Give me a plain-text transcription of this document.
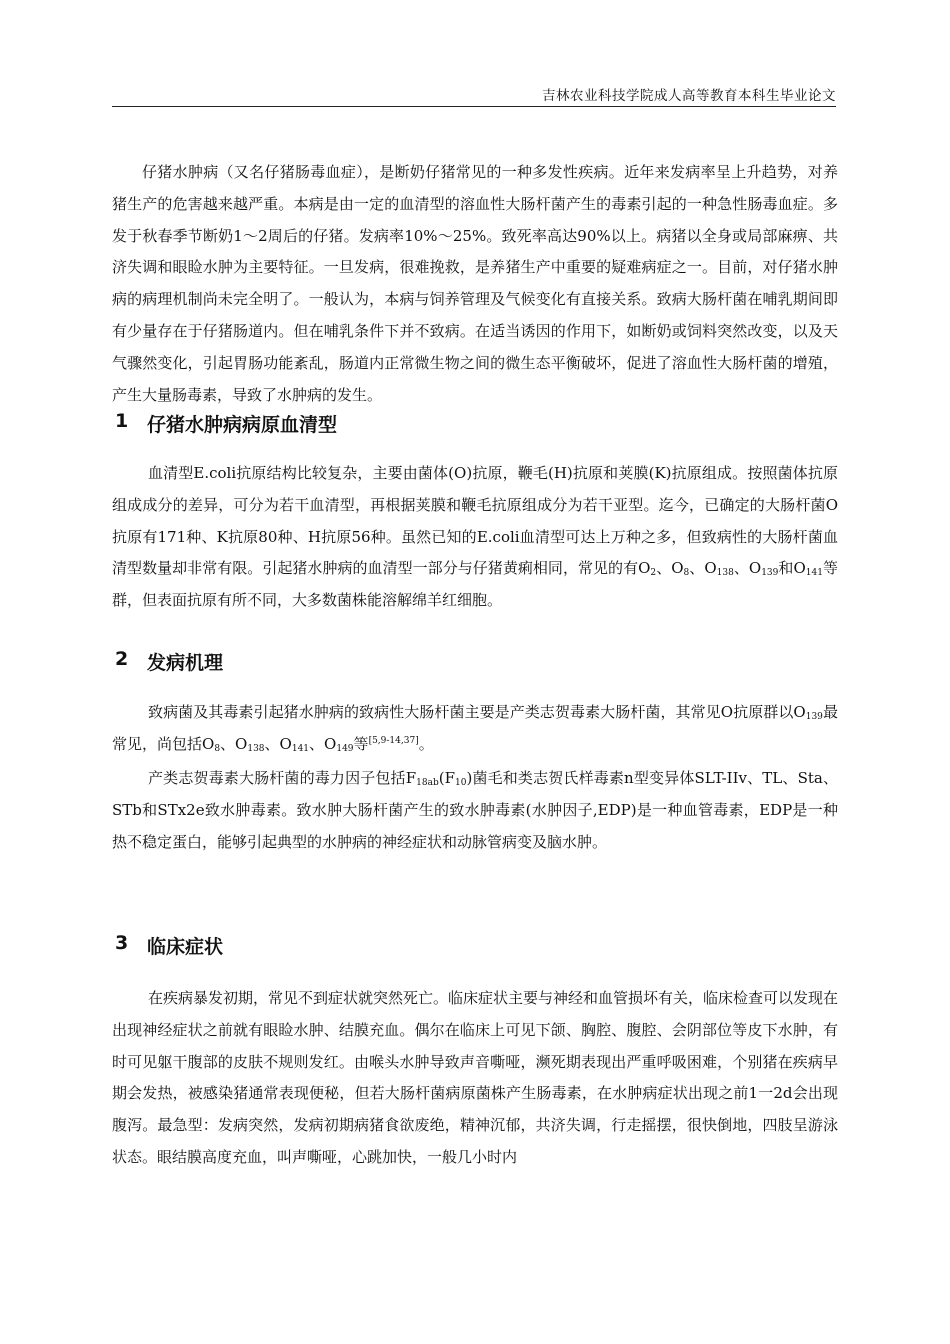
吉林农业科技学院成人高等教育本科生毕业论文

仔猪水肿病（又名仔猪肠毒血症），是断奶仔猪常见的一种多发性疾病。近年来发病率呈上升趋势，对养猪生产的危害越来越严重。本病是由一定的血清型的溶血性大肠杆菌产生的毒素引起的一种急性肠毒血症。多发于秋春季节断奶1～2周后的仔猪。发病率10%～25%。致死率高达90%以上。病猪以全身或局部麻痹、共济失调和眼睑水肿为主要特征。一旦发病，很难挽救，是养猪生产中重要的疑难病症之一。目前，对仔猪水肿病的病理机制尚未完全明了。一般认为，本病与饲养管理及气候变化有直接关系。致病大肠杆菌在哺乳期间即有少量存在于仔猪肠道内。但在哺乳条件下并不致病。在适当诱因的作用下，如断奶或饲料突然改变，以及天气骤然变化，引起胃肠功能紊乱，肠道内正常微生物之间的微生态平衡破坏，促进了溶血性大肠杆菌的增殖，产生大量肠毒素，导致了水肿病的发生。

1 仔猪水肿病病原血清型

血清型E.coli抗原结构比较复杂，主要由菌体(O)抗原，鞭毛(H)抗原和荚膜(K)抗原组成。按照菌体抗原组成成分的差异，可分为若干血清型，再根据荚膜和鞭毛抗原组成分为若干亚型。迄今，已确定的大肠杆菌O抗原有171种、K抗原80种、H抗原56种。虽然已知的E.coli血清型可达上万种之多，但致病性的大肠杆菌血清型数量却非常有限。引起猪水肿病的血清型一部分与仔猪黄痢相同，常见的有$O_2$、$O_8$、$O_{138}$、$O_{139}$和$O_{141}$等群，但表面抗原有所不同，大多数菌株能溶解绵羊红细胞。

2 发病机理

致病菌及其毒素引起猪水肿病的致病性大肠杆菌主要是产类志贺毒素大肠杆菌，其常见O抗原群以$O_{139}$最常见，尚包括$O_8$、$O_{138}$、$O_{141}$、$O_{149}$等[5,9-14,37]。

产类志贺毒素大肠杆菌的毒力因子包括$F_{18ab}(F_{10})$菌毛和类志贺氏样毒素n型变异体SLT-IIv、TL、Sta、STb和STx2e致水肿毒素。致水肿大肠杆菌产生的致水肿毒素(水肿因子,EDP)是一种血管毒素，EDP是一种热不稳定蛋白，能够引起典型的水肿病的神经症状和动脉管病变及脑水肿。

3 临床症状

在疾病暴发初期，常见不到症状就突然死亡。临床症状主要与神经和血管损坏有关，临床检查可以发现在出现神经症状之前就有眼睑水肿、结膜充血。偶尔在临床上可见下颌、胸腔、腹腔、会阴部位等皮下水肿，有时可见躯干腹部的皮肤不规则发红。由喉头水肿导致声音嘶哑，濒死期表现出严重呼吸困难，个别猪在疾病早期会发热，被感染猪通常表现便秘，但若大肠杆菌病原菌株产生肠毒素，在水肿病症状出现之前1一2d会出现腹泻。最急型：发病突然，发病初期病猪食欲废绝，精神沉郁，共济失调，行走摇摆，很快倒地，四肢呈游泳状态。眼结膜高度充血，叫声嘶哑，心跳加快，一般几小时内
